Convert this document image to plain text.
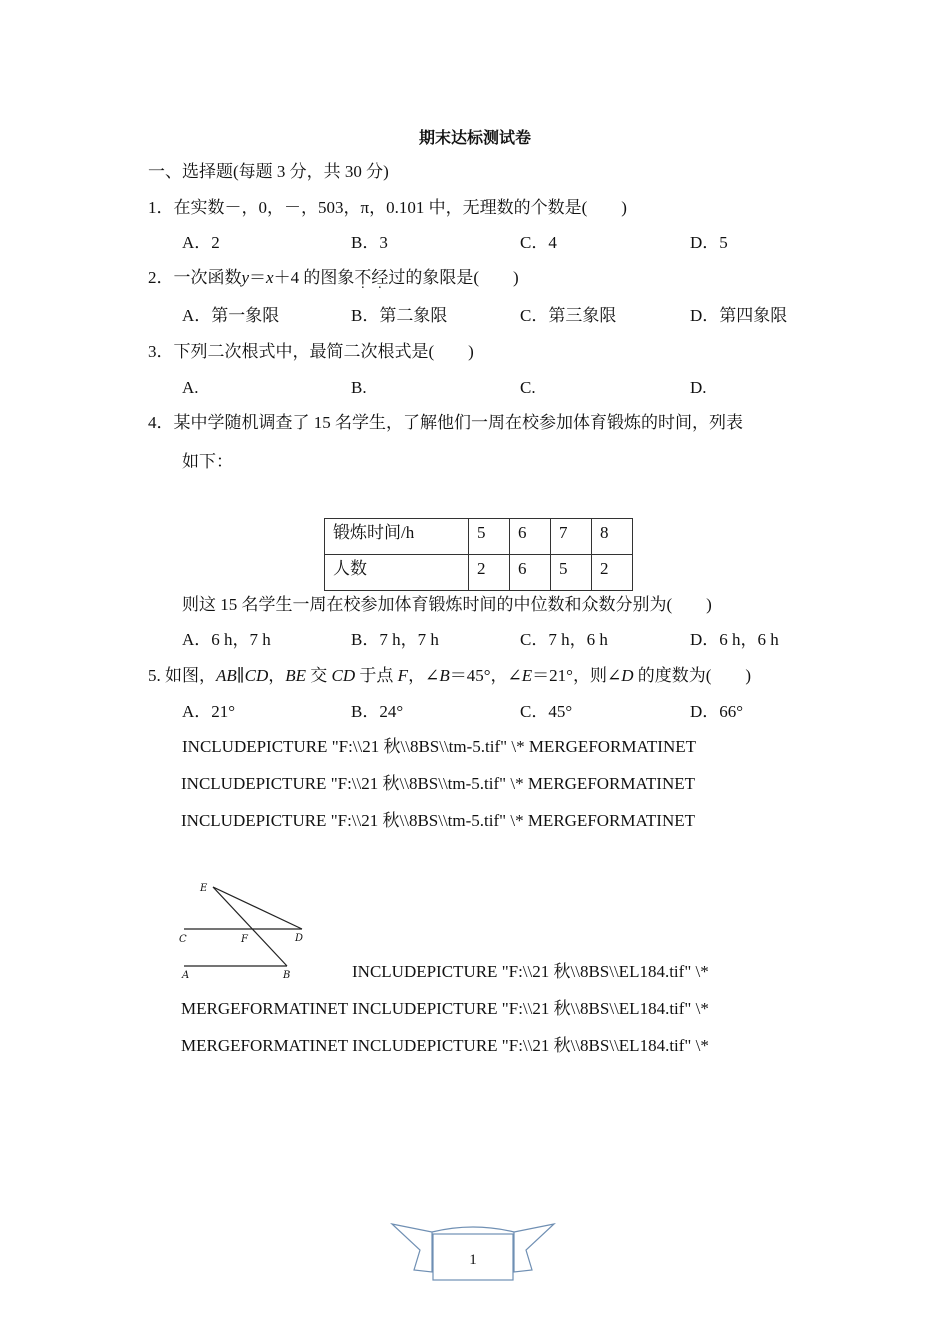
期末达标测试卷
一、选择题(每题 3 分，共 30 分)
1．在实数－，0，－，503，π，0.101 中，无理数的个数是(　　)
A．2	B．3	C．4	D．5
2．一次函数y＝x＋4 的图象不经过的象限是(　　)
A．第一象限	B．第二象限	C．第三象限	D．第四象限
3．下列二次根式中，最简二次根式是(　　)
A.	B.	C.	D.
4．某中学随机调查了 15 名学生，了解他们一周在校参加体育锻炼的时间，列表
如下：
锻炼时间/h	5	6	7	8
人数	2	6	5	2
则这 15 名学生一周在校参加体育锻炼时间的中位数和众数分别为(　　)
A．6 h，7 h	B．7 h，7 h	C．7 h，6 h	D．6 h，6 h
5. 如图，AB∥CD，BE 交 CD 于点 F，∠B＝45°，∠E＝21°，则∠D 的度数为(　　)
A．21°	B．24°	C．45°	D．66°
INCLUDEPICTURE "F:\\21 秋\\8BS\\tm-5.tif" \* MERGEFORMATINET
INCLUDEPICTURE "F:\\21 秋\\8BS\\tm-5.tif" \* MERGEFORMATINET
INCLUDEPICTURE "F:\\21 秋\\8BS\\tm-5.tif" \* MERGEFORMATINET
E
C	F	D
A	B	INCLUDEPICTURE "F:\\21 秋\\8BS\\EL184.tif" \*
MERGEFORMATINET INCLUDEPICTURE "F:\\21 秋\\8BS\\EL184.tif" \*
MERGEFORMATINET INCLUDEPICTURE "F:\\21 秋\\8BS\\EL184.tif" \*
1
